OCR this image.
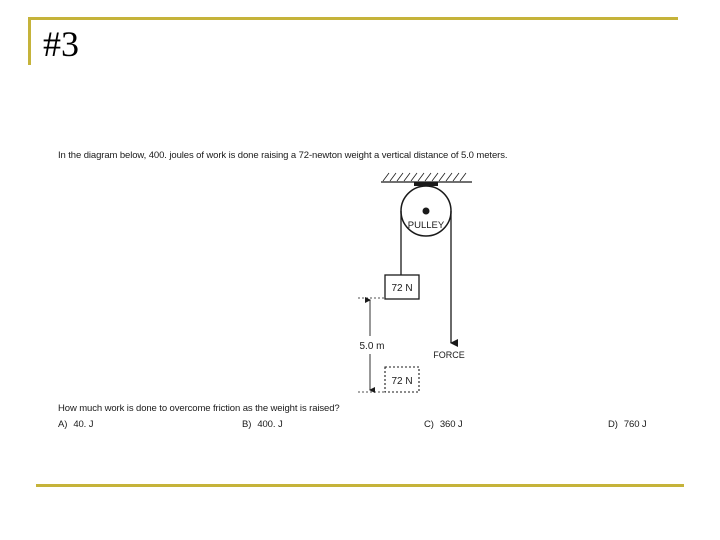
#3
In the diagram below, 400. joules of work is done raising a 72-newton weight a vertical distance of 5.0 meters.
PULLEY
72 N
72 N
5.0 m
FORCE
How much work is done to overcome friction as the weight is raised?
A) 40. J	B) 400. J	C) 360 J	D) 760 J
